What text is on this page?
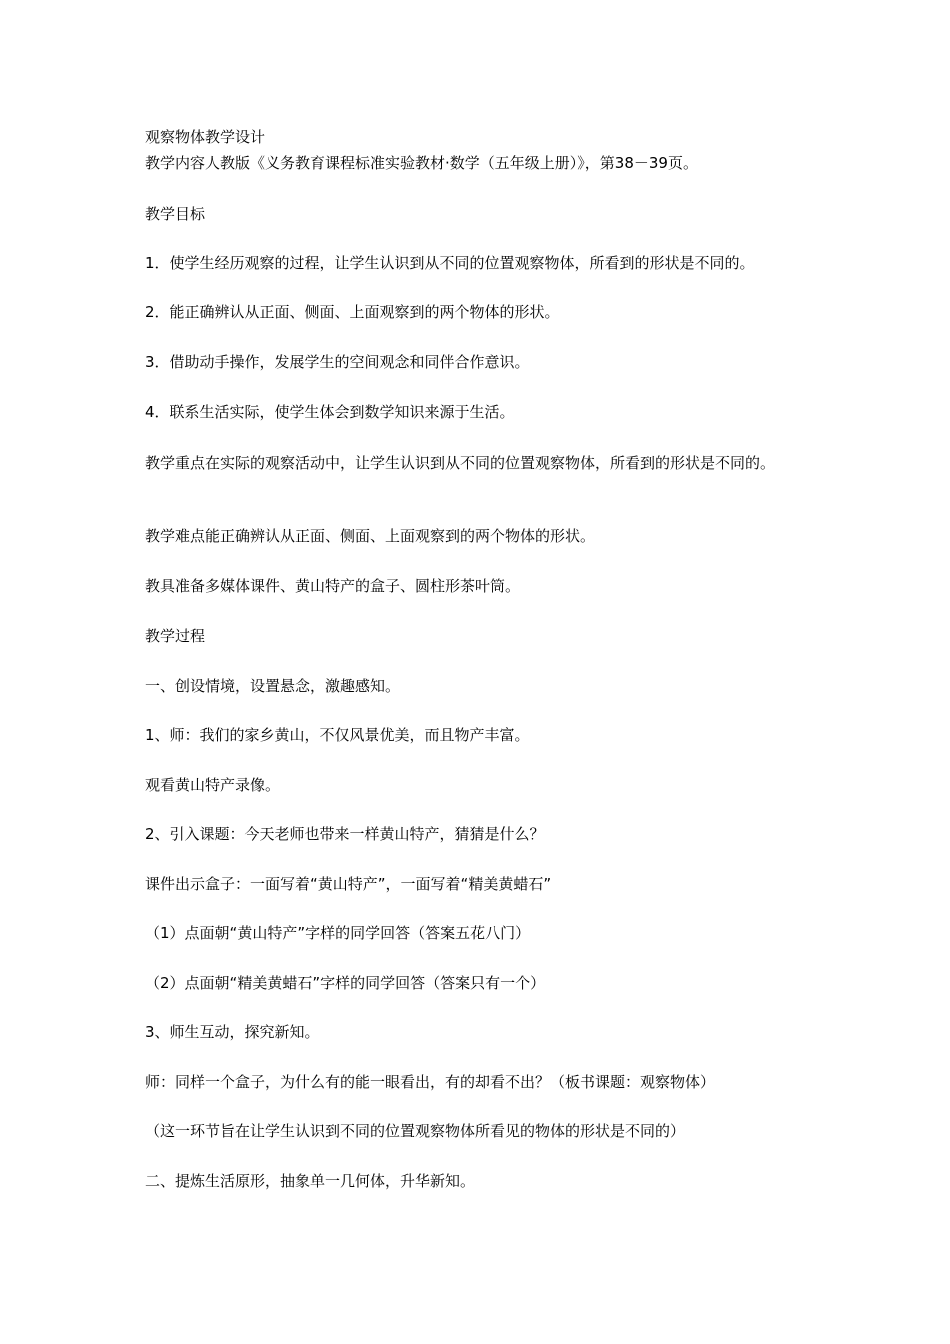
观察物体教学设计
教学内容人教版《义务教育课程标准实验教材·数学（五年级上册）》，第38－39页。
教学目标
1．使学生经历观察的过程，让学生认识到从不同的位置观察物体，所看到的形状是不同的。
2．能正确辨认从正面、侧面、上面观察到的两个物体的形状。
3．借助动手操作，发展学生的空间观念和同伴合作意识。
4．联系生活实际，使学生体会到数学知识来源于生活。
教学重点在实际的观察活动中，让学生认识到从不同的位置观察物体，所看到的形状是不同的。
教学难点能正确辨认从正面、侧面、上面观察到的两个物体的形状。
教具准备多媒体课件、黄山特产的盒子、圆柱形茶叶筒。
教学过程
一、创设情境，设置悬念，激趣感知。
1、师：我们的家乡黄山，不仅风景优美，而且物产丰富。
观看黄山特产录像。
2、引入课题：今天老师也带来一样黄山特产，猜猜是什么？
课件出示盒子：一面写着“黄山特产”，一面写着“精美黄蜡石”
（1）点面朝“黄山特产”字样的同学回答（答案五花八门）
（2）点面朝“精美黄蜡石”字样的同学回答（答案只有一个）
3、师生互动，探究新知。
师：同样一个盒子，为什么有的能一眼看出，有的却看不出？（板书课题：观察物体）
（这一环节旨在让学生认识到不同的位置观察物体所看见的物体的形状是不同的）
二、提炼生活原形，抽象单一几何体，升华新知。
